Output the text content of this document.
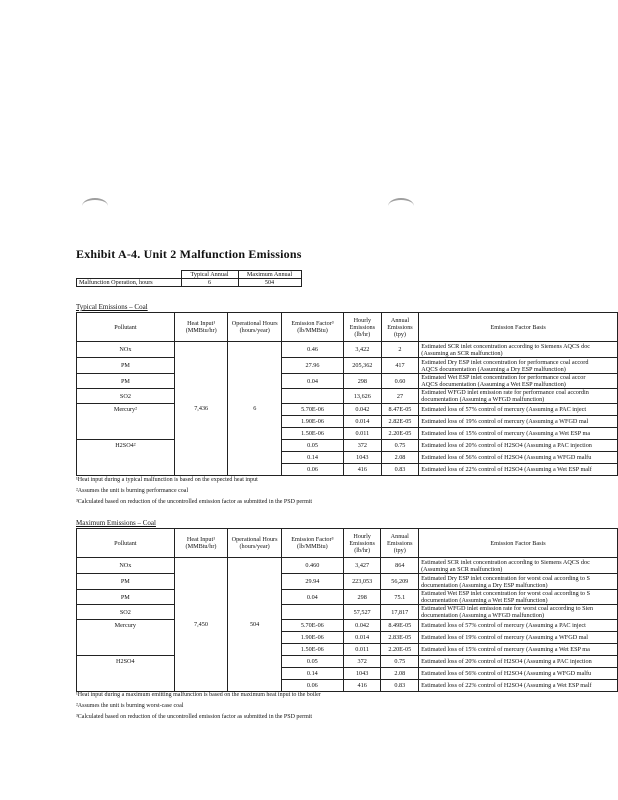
Exhibit A-4. Unit 2 Malfunction Emissions
	Typical Annual	Maximum Annual
Malfunction Operation, hours	6	504
Typical Emissions – Coal
Pollutant	Heat Input¹ (MMBtu/hr)	Operational Hours (hours/year)	Emission Factor³ (lb/MMBtu)	Hourly Emissions (lb/hr)	Annual Emissions (tpy)	Emission Factor Basis
NOx	7,436	6	0.46	3,422	2	Estimated SCR inlet concentration according to Siemens AQCS doc
(Assuming an SCR malfunction)

PM			27.96	205,362	417	Estimated Dry ESP inlet concentration for performance coal accord
AQCS documentation (Assuming a Dry ESP malfunction)

PM			0.04	298	0.60	Estimated Wet ESP inlet concentration for performance coal accor
AQCS documentation (Assuming a Wet ESP malfunction)

SO2				13,626	27	Estimated WFGD inlet emission rate for performance coal accordin
documentation (Assuming a WFGD malfunction)

Mercury²			5.70E-06	0.042	8.47E-05	Estimated loss of 57% control of mercury (Assuming a PAC inject

			1.90E-06	0.014	2.82E-05	Estimated loss of 19% control of mercury (Assuming a WFGD mal

			1.50E-06	0.011	2.20E-05	Estimated loss of 15% control of mercury (Assuming a Wet ESP ma

H2SO4²			0.05	372	0.75	Estimated loss of 20% control of H2SO4 (Assuming a PAC injection

			0.14	1043	2.08	Estimated loss of 56% control of H2SO4 (Assuming a WFGD malfu

			0.06	416	0.83	Estimated loss of 22% control of H2SO4 (Assuming a Wet ESP malf
¹Heat input during a typical malfunction is based on the expected heat input
²Assumes the unit is burning performance coal
³Calculated based on reduction of the uncontrolled emission factor as submitted in the PSD permit
Maximum Emissions – Coal
Pollutant	Heat Input¹ (MMBtu/hr)	Operational Hours (hours/year)	Emission Factor³ (lb/MMBtu)	Hourly Emissions (lb/hr)	Annual Emissions (tpy)	Emission Factor Basis
NOx	7,450	504	0.460	3,427	864	Estimated SCR inlet concentration according to Siemens AQCS doc
(Assuming an SCR malfunction)

PM			29.94	223,053	56,209	Estimated Dry ESP inlet concentration for worst coal according to S
documentation (Assuming a Dry ESP malfunction)

PM			0.04	298	75.1	Estimated Wet ESP inlet concentration for worst coal according to S
documentation (Assuming a Wet ESP malfunction)

SO2				57,527	17,817	Estimated WFGD inlet emission rate for worst coal according to Sien
documentation (Assuming a WFGD malfunction)

Mercury			5.70E-06	0.042	8.49E-05	Estimated loss of 57% control of mercury (Assuming a PAC inject

			1.90E-06	0.014	2.83E-05	Estimated loss of 19% control of mercury (Assuming a WFGD mal

			1.50E-06	0.011	2.20E-05	Estimated loss of 15% control of mercury (Assuming a Wet ESP ma

H2SO4			0.05	372	0.75	Estimated loss of 20% control of H2SO4 (Assuming a PAC injection

			0.14	1043	2.08	Estimated loss of 56% control of H2SO4 (Assuming a WFGD malfu

			0.06	416	0.83	Estimated loss of 22% control of H2SO4 (Assuming a Wet ESP malf
¹Heat input during a maximum emitting malfunction is based on the maximum heat input to the boiler
²Assumes the unit is burning worst-case coal
³Calculated based on reduction of the uncontrolled emission factor as submitted in the PSD permit
